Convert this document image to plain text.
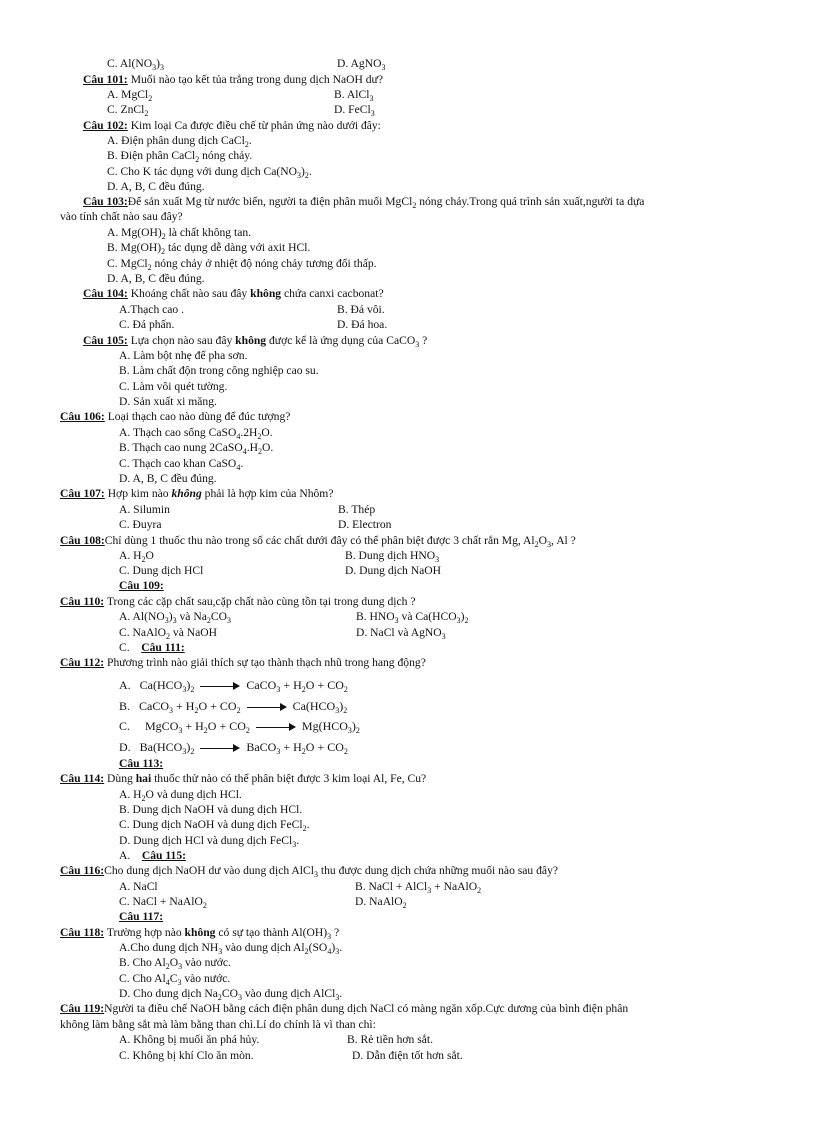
C. $Al(NO_3)_3$	D. AgNO$_3$
Câu 101: Muối nào tạo kết tủa trắng trong dung dịch NaOH dư?
A. MgCl$_2$	B. AlCl$_3$
C. ZnCl$_2$	D. FeCl$_3$
Câu 102: Kim loại Ca được điều chế từ phản ứng nào dưới đây:
A. Điện phân dung dịch CaCl$_2$.
B. Điện phân CaCl$_2$ nóng chảy.
C. Cho K tác dụng với dung dịch $Ca(NO_3)_2$.
D. A, B, C đều đúng.
Câu 103:Để sản xuất Mg từ nước biển, người ta điện phân muối MgCl$_2$ nóng chảy.Trong quá trình sản xuất,người ta dựa
vào tính chất nào sau đây?
A. $Mg(OH)_2$ là chất không tan.
B. $Mg(OH)_2$ tác dụng dễ dàng với axit HCl.
C. MgCl$_2$ nóng chảy ở nhiệt độ nóng chảy tương đối thấp.
D. A, B, C đều đúng.
Câu 104: Khoáng chất nào sau đây không chứa canxi cacbonat?
A.Thạch cao .	B. Đá vôi.
C. Đá phấn.	D. Đá hoa.
Câu 105: Lựa chọn nào sau đây không được kể là ứng dụng của CaCO$_3$ ?
A. Làm bột nhẹ để pha sơn.
B. Làm chất độn trong công nghiệp cao su.
C. Làm vôi quét tường.
D. Sản xuất xi măng.
Câu 106: Loại thạch cao nào dùng để đúc tượng?
A. Thạch cao sống $CaSO_4.2H_2O$.
B. Thạch cao nung $2CaSO_4.H_2O$.
C. Thạch cao khan CaSO$_4$.
D. A, B, C đều đúng.
Câu 107: Hợp kim nào không phải là hợp kim của Nhôm?
A. Silumin	B. Thép
C. Đuyra	D. Electron
Câu 108:Chỉ dùng 1 thuốc thu nào trong số các chất dưới đây có thể phân biệt được 3 chất rắn Mg, $Al_2O_3$, Al ?
A. $H_2O$	B. Dung dịch $HNO_3$
C. Dung dịch HCl	D. Dung dịch NaOH
Câu 109:
Câu 110: Trong các cặp chất sau,cặp chất nào cùng tồn tại trong dung dịch ?
A. $Al(NO_3)_3$ và $Na_2CO_3$	B. $HNO_3$ và $Ca(HCO_3)_2$
C. NaAlO$_2$ và NaOH	D. NaCl và AgNO$_3$
C. Câu 111:
Câu 112: Phương trình nào giải thích sự tạo thành thạch nhũ trong hang động?
A.   $Ca(HCO_3)_2$	CaCO$_3$ + $H_2O + CO_2$
B.   CaCO$_3$ + $H_2O + CO_2$	$Ca(HCO_3)_2$
C.     MgCO$_3$ + $H_2O + CO_2$	$Mg(HCO_3)_2$
D.   $Ba(HCO_3)_2$	BaCO$_3$ + $H_2O + CO_2$
Câu 113:
Câu 114: Dùng hai thuốc thử nào có thể phân biệt được 3 kim loại Al, Fe, Cu?
A. $H_2O$ và dung dịch HCl.
B. Dung dịch NaOH và dung dịch HCl.
C. Dung dịch NaOH và dung dịch FeCl$_2$.
D. Dung dịch HCl và dung dịch FeCl$_3$.
A. Câu 115:
Câu 116:Cho dung dịch NaOH dư vào dung dịch AlCl$_3$ thu được dung dịch chứa những muối nào sau đây?
A. NaCl	B. NaCl + AlCl$_3$ + NaAlO$_2$
C. NaCl + NaAlO$_2$	D. NaAlO$_2$
Câu 117:
Câu 118: Trường hợp nào không có sự tạo thành $Al(OH)_3$ ?
A.Cho dung dịch $NH_3$ vào dung dịch $Al_2(SO_4)_3$.
B. Cho $Al_2O_3$ vào nước.
C. Cho $Al_4C_3$ vào nước.
D. Cho dung dịch $Na_2CO_3$ vào dung dịch AlCl$_3$.
Câu 119:Người ta điều chế NaOH bằng cách điện phân dung dịch NaCl có màng ngăn xốp.Cực dương của bình điện phân
không làm bằng sắt mà làm bằng than chì.Lí do chính là vì than chì:
A. Không bị muối ăn phá hủy.	B. Rẻ tiền hơn sắt.
C. Không bị khí Clo ăn mòn.	D. Dẫn điện tốt hơn sắt.
